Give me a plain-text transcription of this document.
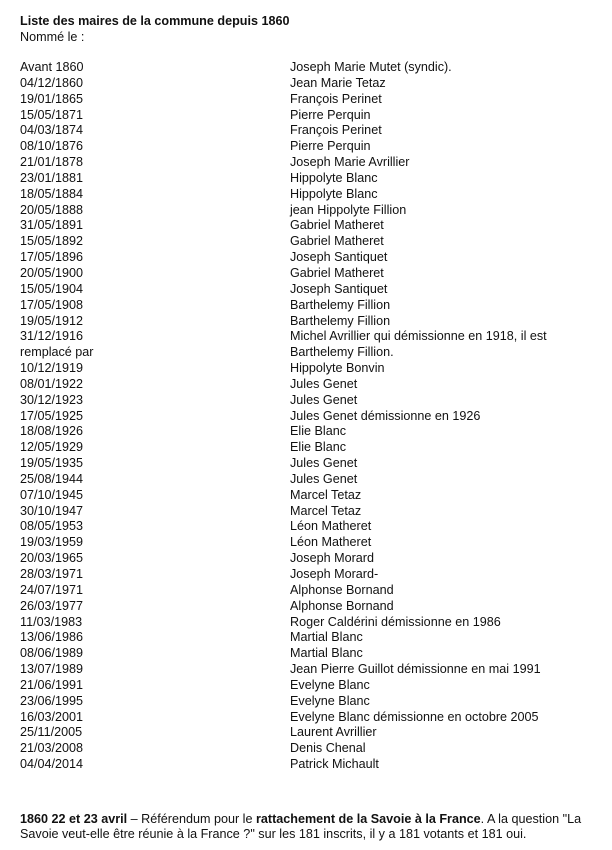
Liste des maires de la commune depuis 1860

Nommé le :

Avant 1860	Joseph Marie Mutet (syndic).
04/12/1860	Jean Marie Tetaz
19/01/1865	François Perinet
15/05/1871	Pierre Perquin
04/03/1874	François Perinet
08/10/1876	Pierre Perquin
21/01/1878	Joseph Marie Avrillier
23/01/1881	Hippolyte Blanc
18/05/1884	Hippolyte Blanc
20/05/1888	jean Hippolyte Fillion
31/05/1891	Gabriel Matheret
15/05/1892	Gabriel Matheret
17/05/1896	Joseph Santiquet
20/05/1900	Gabriel Matheret
15/05/1904	Joseph Santiquet
17/05/1908	Barthelemy Fillion
19/05/1912	Barthelemy Fillion
31/12/1916	Michel Avrillier qui démissionne en 1918, il est
remplacé par	Barthelemy Fillion.
10/12/1919	Hippolyte Bonvin
08/01/1922	Jules Genet
30/12/1923	Jules Genet
17/05/1925	Jules Genet démissionne en 1926
18/08/1926	Elie Blanc
12/05/1929	Elie Blanc
19/05/1935	Jules Genet
25/08/1944	Jules Genet
07/10/1945	Marcel Tetaz
30/10/1947	Marcel Tetaz
08/05/1953	Léon Matheret
19/03/1959	Léon Matheret
20/03/1965	Joseph Morard
28/03/1971	Joseph Morard-
24/07/1971	Alphonse Bornand
26/03/1977	Alphonse Bornand
11/03/1983	Roger Caldérini démissionne en 1986
13/06/1986	Martial Blanc
08/06/1989	Martial Blanc
13/07/1989	Jean Pierre Guillot démissionne en mai 1991
21/06/1991	Evelyne Blanc
23/06/1995	Evelyne Blanc
16/03/2001	Evelyne Blanc démissionne en octobre 2005
25/11/2005	Laurent Avrillier
21/03/2008	Denis Chenal
04/04/2014	Patrick Michault

1860 22 et 23 avril – Référendum pour le rattachement de la Savoie à la France. A la question "La Savoie veut-elle être réunie à la France ?" sur les 181 inscrits, il y a 181 votants et 181 oui.
